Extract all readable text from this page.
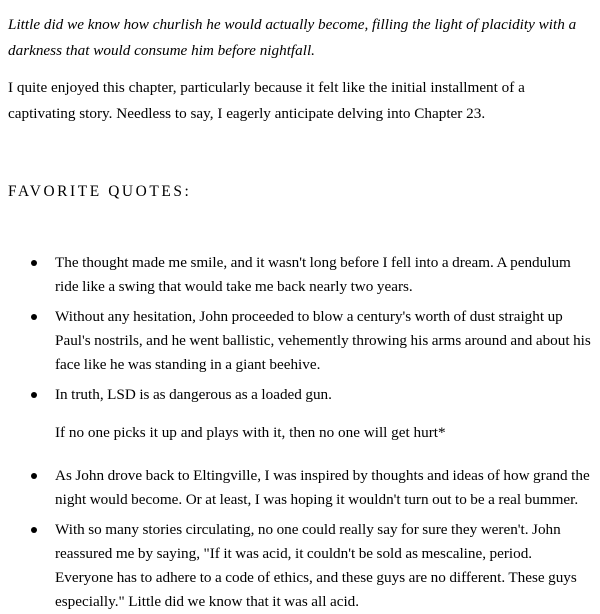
Little did we know how churlish he would actually become, filling the light of placidity with a darkness that would consume him before nightfall.

I quite enjoyed this chapter, particularly because it felt like the initial installment of a captivating story. Needless to say, I eagerly anticipate delving into Chapter 23.

FAVORITE QUOTES:
The thought made me smile, and it wasn't long before I fell into a dream. A pendulum ride like a swing that would take me back nearly two years.
Without any hesitation, John proceeded to blow a century's worth of dust straight up Paul's nostrils, and he went ballistic, vehemently throwing his arms around and about his face like he was standing in a giant beehive.
In truth, LSD is as dangerous as a loaded gun.
If no one picks it up and plays with it, then no one will get hurt*
As John drove back to Eltingville, I was inspired by thoughts and ideas of how grand the night would become. Or at least, I was hoping it wouldn't turn out to be a real bummer.
With so many stories circulating, no one could really say for sure they weren't. John reassured me by saying, "If it was acid, it couldn't be sold as mescaline, period. Everyone has to adhere to a code of ethics, and these guys are no different. These guys especially." Little did we know that it was all acid.
